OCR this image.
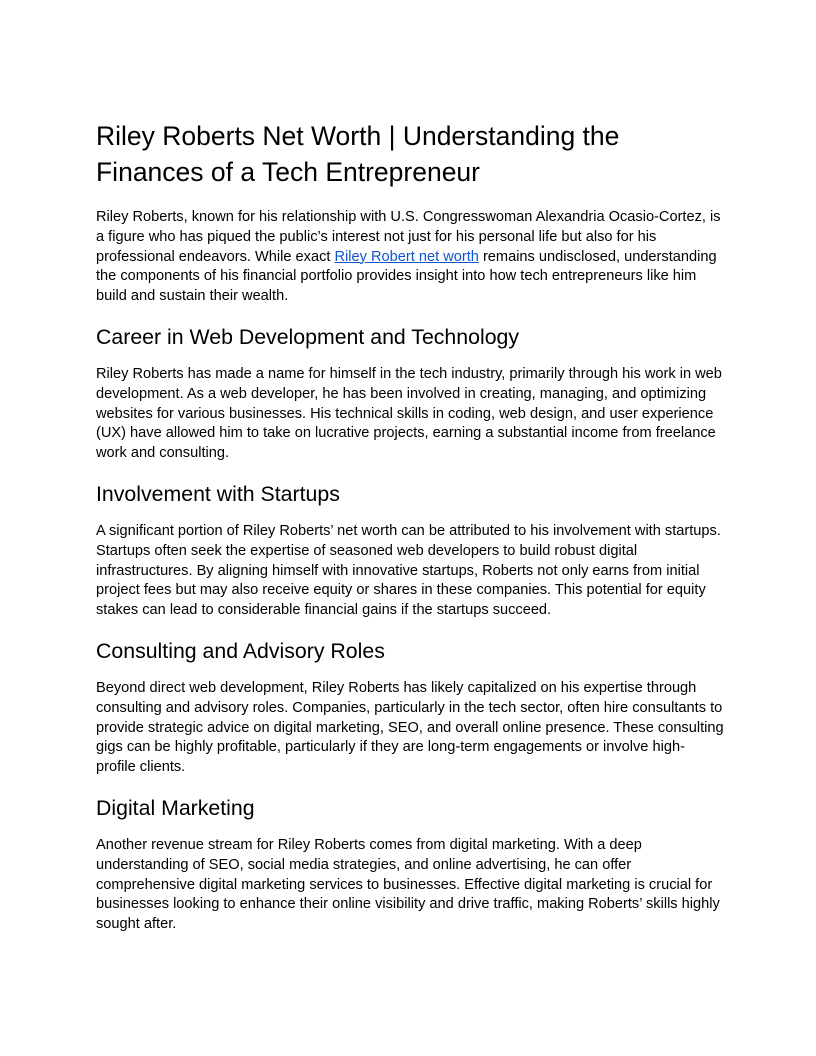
Riley Roberts Net Worth | Understanding the Finances of a Tech Entrepreneur

Riley Roberts, known for his relationship with U.S. Congresswoman Alexandria Ocasio-Cortez, is a figure who has piqued the public’s interest not just for his personal life but also for his professional endeavors. While exact Riley Robert net worth remains undisclosed, understanding the components of his financial portfolio provides insight into how tech entrepreneurs like him build and sustain their wealth.

Career in Web Development and Technology

Riley Roberts has made a name for himself in the tech industry, primarily through his work in web development. As a web developer, he has been involved in creating, managing, and optimizing websites for various businesses. His technical skills in coding, web design, and user experience (UX) have allowed him to take on lucrative projects, earning a substantial income from freelance work and consulting.

Involvement with Startups

A significant portion of Riley Roberts’ net worth can be attributed to his involvement with startups. Startups often seek the expertise of seasoned web developers to build robust digital infrastructures. By aligning himself with innovative startups, Roberts not only earns from initial project fees but may also receive equity or shares in these companies. This potential for equity stakes can lead to considerable financial gains if the startups succeed.

Consulting and Advisory Roles

Beyond direct web development, Riley Roberts has likely capitalized on his expertise through consulting and advisory roles. Companies, particularly in the tech sector, often hire consultants to provide strategic advice on digital marketing, SEO, and overall online presence. These consulting gigs can be highly profitable, particularly if they are long-term engagements or involve high-profile clients.

Digital Marketing

Another revenue stream for Riley Roberts comes from digital marketing. With a deep understanding of SEO, social media strategies, and online advertising, he can offer comprehensive digital marketing services to businesses. Effective digital marketing is crucial for businesses looking to enhance their online visibility and drive traffic, making Roberts’ skills highly sought after.
